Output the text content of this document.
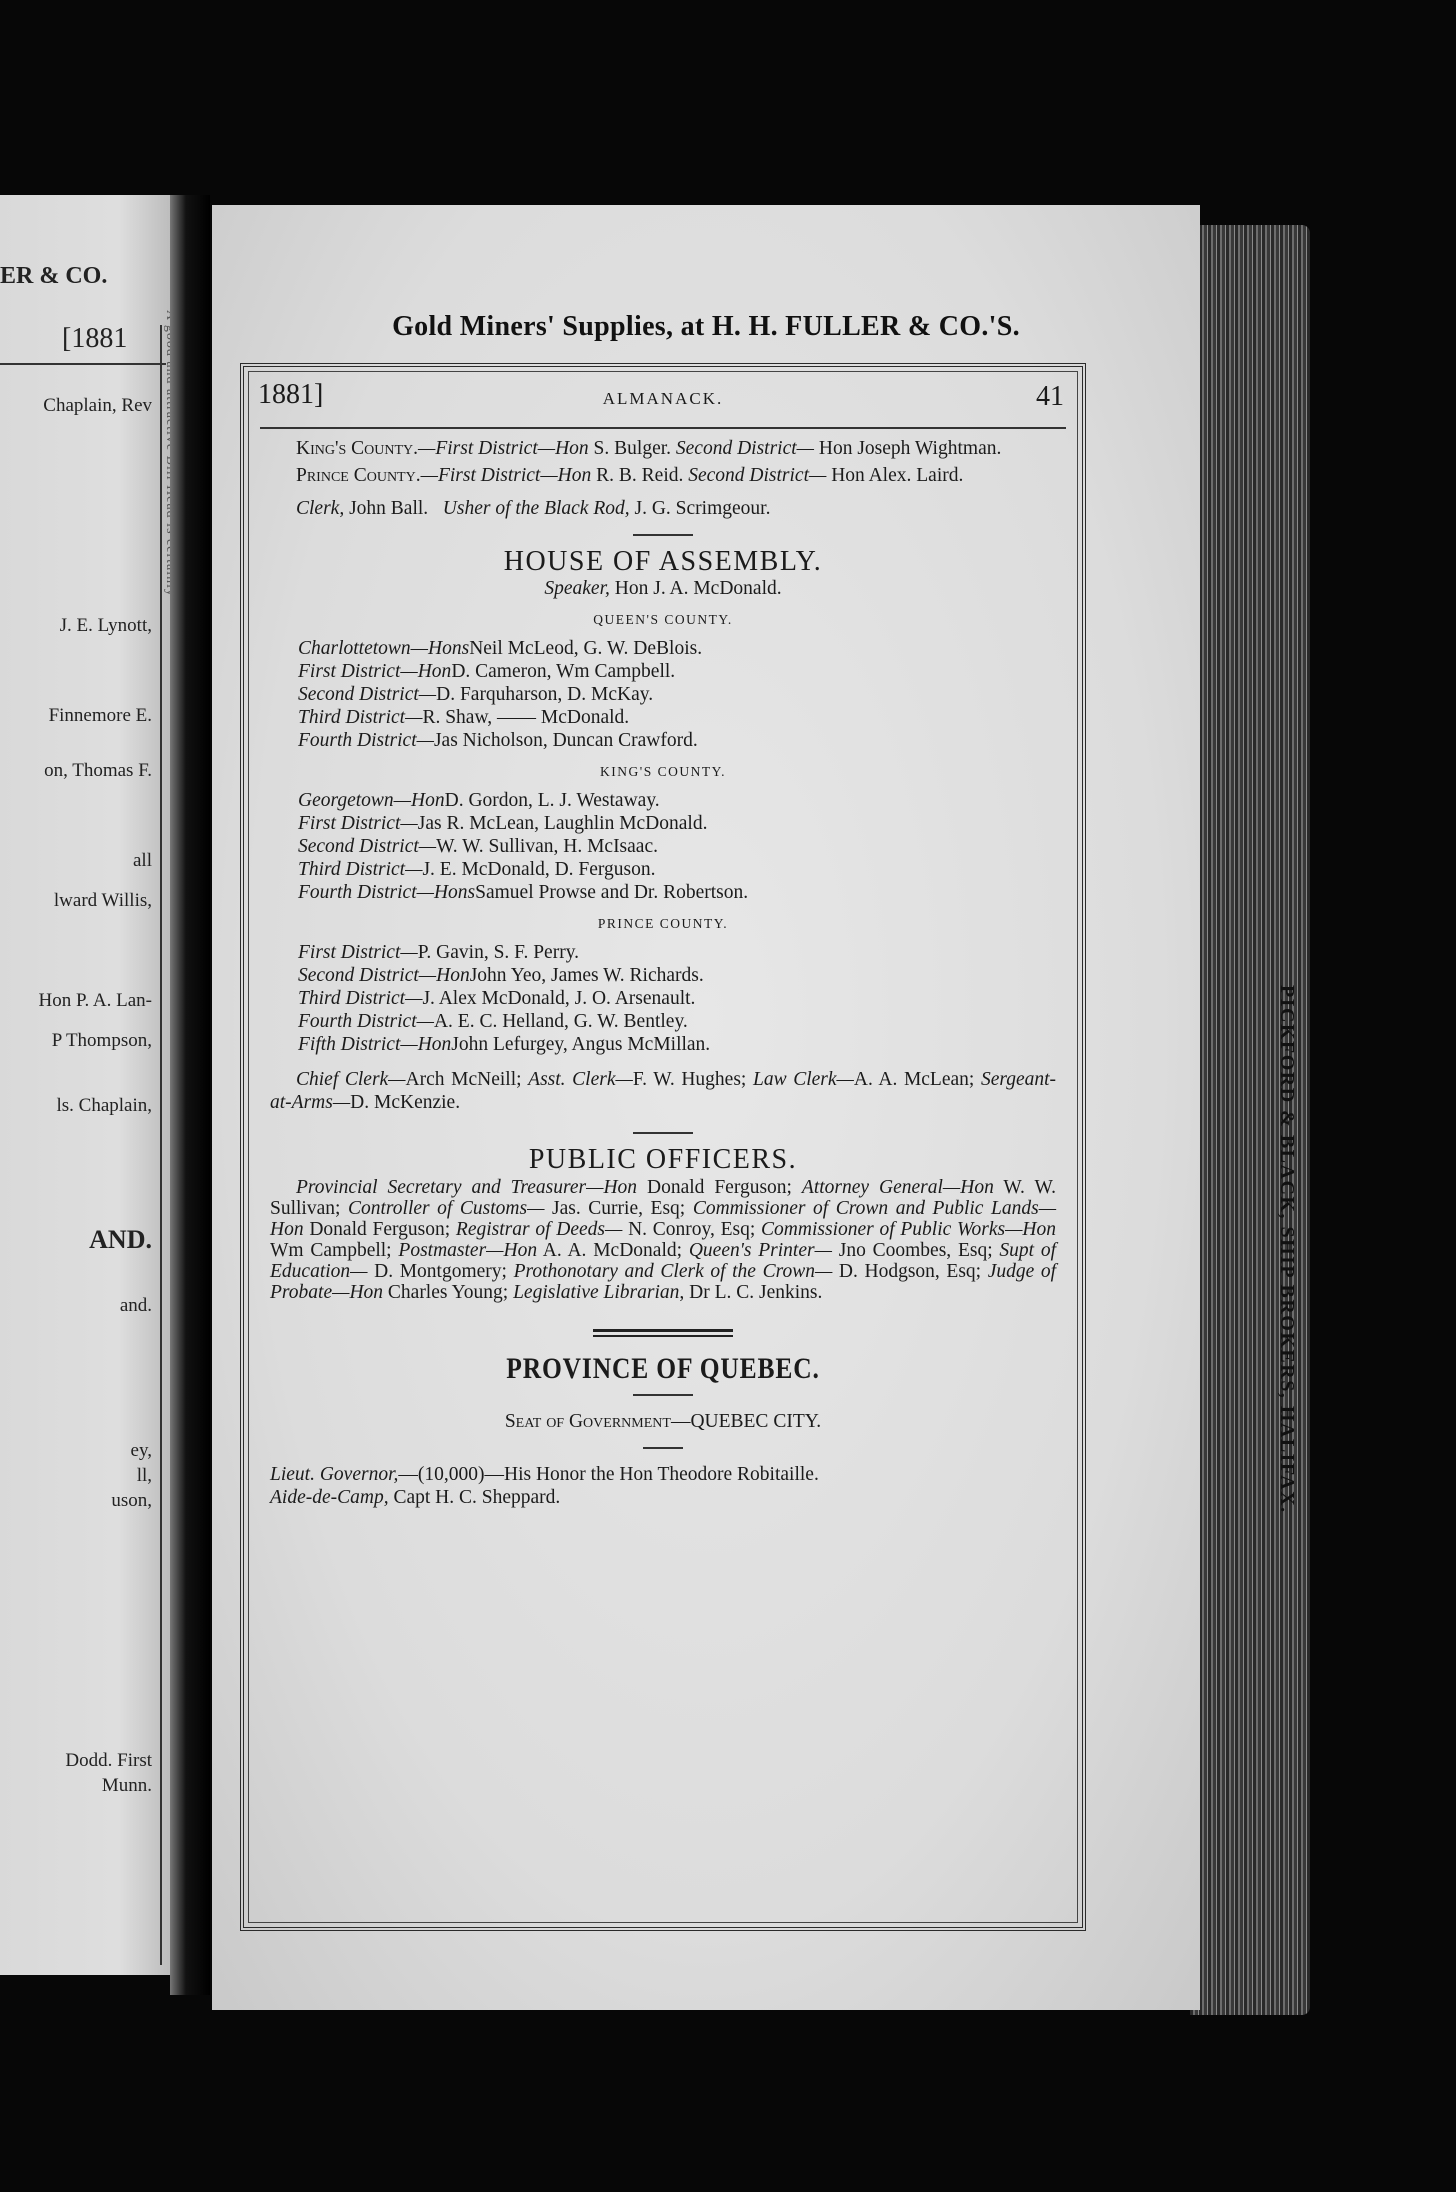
ER & CO.
[1881
Chaplain, Rev
J. E. Lynott,
Finnemore E.
on, Thomas F.
all
lward Willis,
Hon P. A. Lan-
P Thompson,
ls. Chaplain,
AND.
and.
ey,
ll,
uson,
Dodd. First
Munn.
Gold Miners' Supplies, at H. H. FULLER & CO.'S.
1881]	ALMANACK.	41

King's County.—First District—Hon S. Bulger. Second District— Hon Joseph Wightman.

Prince County.—First District—Hon R. B. Reid. Second District— Hon Alex. Laird.

Clerk, John Ball. Usher of the Black Rod, J. G. Scrimgeour.

HOUSE OF ASSEMBLY.
Speaker, Hon J. A. McDonald.
QUEEN'S COUNTY.
Charlottetown—HonsNeil McLeod, G. W. DeBlois.
First District—HonD. Cameron, Wm Campbell.
Second District—D. Farquharson, D. McKay.
Third District—R. Shaw, —— McDonald.
Fourth District—Jas Nicholson, Duncan Crawford.
KING'S COUNTY.
Georgetown—HonD. Gordon, L. J. Westaway.
First District—Jas R. McLean, Laughlin McDonald.
Second District—W. W. Sullivan, H. McIsaac.
Third District—J. E. McDonald, D. Ferguson.
Fourth District—HonsSamuel Prowse and Dr. Robertson.
PRINCE COUNTY.
First District—P. Gavin, S. F. Perry.
Second District—HonJohn Yeo, James W. Richards.
Third District—J. Alex McDonald, J. O. Arsenault.
Fourth District—A. E. C. Helland, G. W. Bentley.
Fifth District—HonJohn Lefurgey, Angus McMillan.

Chief Clerk—Arch McNeill; Asst. Clerk—F. W. Hughes; Law Clerk—A. A. McLean; Sergeant-at-Arms—D. McKenzie.

PUBLIC OFFICERS.

Provincial Secretary and Treasurer—Hon Donald Ferguson; Attorney General—Hon W. W. Sullivan; Controller of Customs— Jas. Currie, Esq; Commissioner of Crown and Public Lands—Hon Donald Ferguson; Registrar of Deeds— N. Conroy, Esq; Commissioner of Public Works—Hon Wm Campbell; Postmaster—Hon A. A. McDonald; Queen's Printer— Jno Coombes, Esq; Supt of Education— D. Montgomery; Prothonotary and Clerk of the Crown— D. Hodgson, Esq; Judge of Probate—Hon Charles Young; Legislative Librarian, Dr L. C. Jenkins.

PROVINCE OF QUEBEC.
Seat of Government—QUEBEC CITY.

Lieut. Governor,—(10,000)—His Honor the Hon Theodore Robitaille.

Aide-de-Camp, Capt H. C. Sheppard.	PICKFORD & BLACK, SHIP BROKERS, HALIFAX.
